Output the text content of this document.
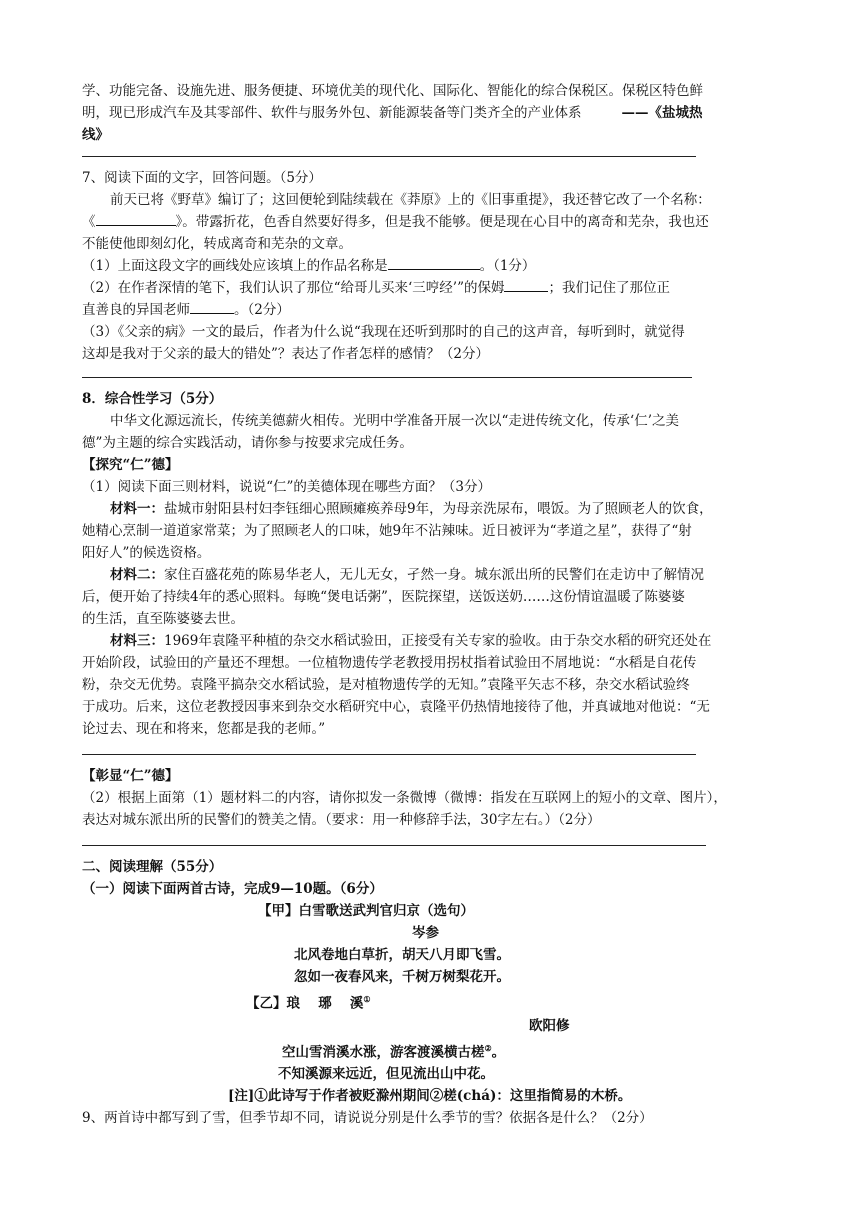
学、功能完备、设施先进、服务便捷、环境优美的现代化、国际化、智能化的综合保税区。保税区特色鲜

明，现已形成汽车及其零部件、软件与服务外包、新能源装备等门类齐全的产业体系	——《盐城热

线》

7、阅读下面的文字，回答问题。（5分）

前天已将《野草》编订了；这回便轮到陆续载在《莽原》上的《旧事重提》，我还替它改了一个名称：

《	》。带露折花，色香自然要好得多，但是我不能够。便是现在心目中的离奇和芜杂，我也还

不能使他即刻幻化，转成离奇和芜杂的文章。

（1）上面这段文字的画线处应该填上的作品名称是	。（1分）

（2）在作者深情的笔下，我们认识了那位“给哥儿买来‘三哼经’”的保姆	；我们记住了那位正

直善良的异国老师	。（2分）

（3）《父亲的病》一文的最后，作者为什么说“我现在还听到那时的自己的这声音，每听到时，就觉得

这却是我对于父亲的最大的错处”？表达了作者怎样的感情？（2分）

8．综合性学习（5分）

中华文化源远流长，传统美德薪火相传。光明中学准备开展一次以“走进传统文化，传承‘仁’之美

德”为主题的综合实践活动，请你参与按要求完成任务。

【探究“仁”德】

（1）阅读下面三则材料，说说“仁”的美德体现在哪些方面？（3分）

材料一：盐城市射阳县村妇李钰细心照顾瘫痪养母9年，为母亲洗尿布，喂饭。为了照顾老人的饮食，

她精心烹制一道道家常菜；为了照顾老人的口味，她9年不沾辣味。近日被评为“孝道之星”，获得了“射

阳好人”的候选资格。

材料二：家住百盛花苑的陈易华老人，无儿无女，孑然一身。城东派出所的民警们在走访中了解情况

后，便开始了持续4年的悉心照料。每晚“煲电话粥”，医院探望，送饭送奶……这份情谊温暖了陈婆婆

的生活，直至陈婆婆去世。

材料三：1969年袁隆平种植的杂交水稻试验田，正接受有关专家的验收。由于杂交水稻的研究还处在

开始阶段，试验田的产量还不理想。一位植物遗传学老教授用拐杖指着试验田不屑地说：“水稻是自花传

粉，杂交无优势。袁隆平搞杂交水稻试验，是对植物遗传学的无知。”袁隆平矢志不移，杂交水稻试验终

于成功。后来，这位老教授因事来到杂交水稻研究中心，袁隆平仍热情地接待了他，并真诚地对他说：“无

论过去、现在和将来，您都是我的老师。”

【彰显“仁”德】

（2）根据上面第（1）题材料二的内容，请你拟发一条微博（微博：指发在互联网上的短小的文章、图片），

表达对城东派出所的民警们的赞美之情。（要求：用一种修辞手法，30字左右。）（2分）

二、阅读理解（55分）

（一）阅读下面两首古诗，完成9—10题。（6分）

【甲】白雪歌送武判官归京（选句）

岑参

北风卷地白草折，胡天八月即飞雪。

忽如一夜春风来，千树万树梨花开。

【乙】琅　 琊　 溪①

欧阳修

空山雪消溪水涨，游客渡溪横古槎②。

不知溪源来远近，但见流出山中花。

[注]①此诗写于作者被贬滁州期间②槎(chá)：这里指简易的木桥。

9、两首诗中都写到了雪，但季节却不同，请说说分别是什么季节的雪？依据各是什么？（2分）
